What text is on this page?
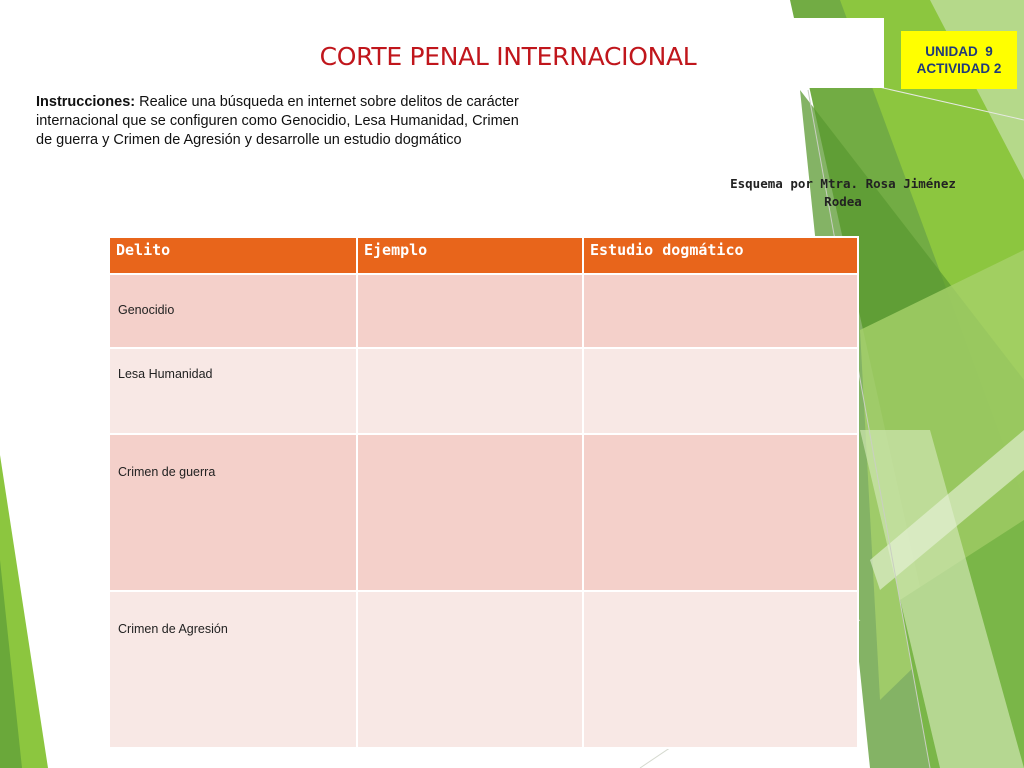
CORTE PENAL INTERNACIONAL	UNIDAD  9
ACTIVIDAD 2
Instrucciones: Realice una búsqueda en internet sobre delitos de carácter internacional que se configuren como Genocidio, Lesa Humanidad, Crimen de guerra y Crimen de Agresión y desarrolle un estudio dogmático
Esquema por Mtra. Rosa Jiménez
Rodea
Delito	Ejemplo	Estudio dogmático
Genocidio		
Lesa Humanidad		
Crimen de guerra		
Crimen de Agresión		
